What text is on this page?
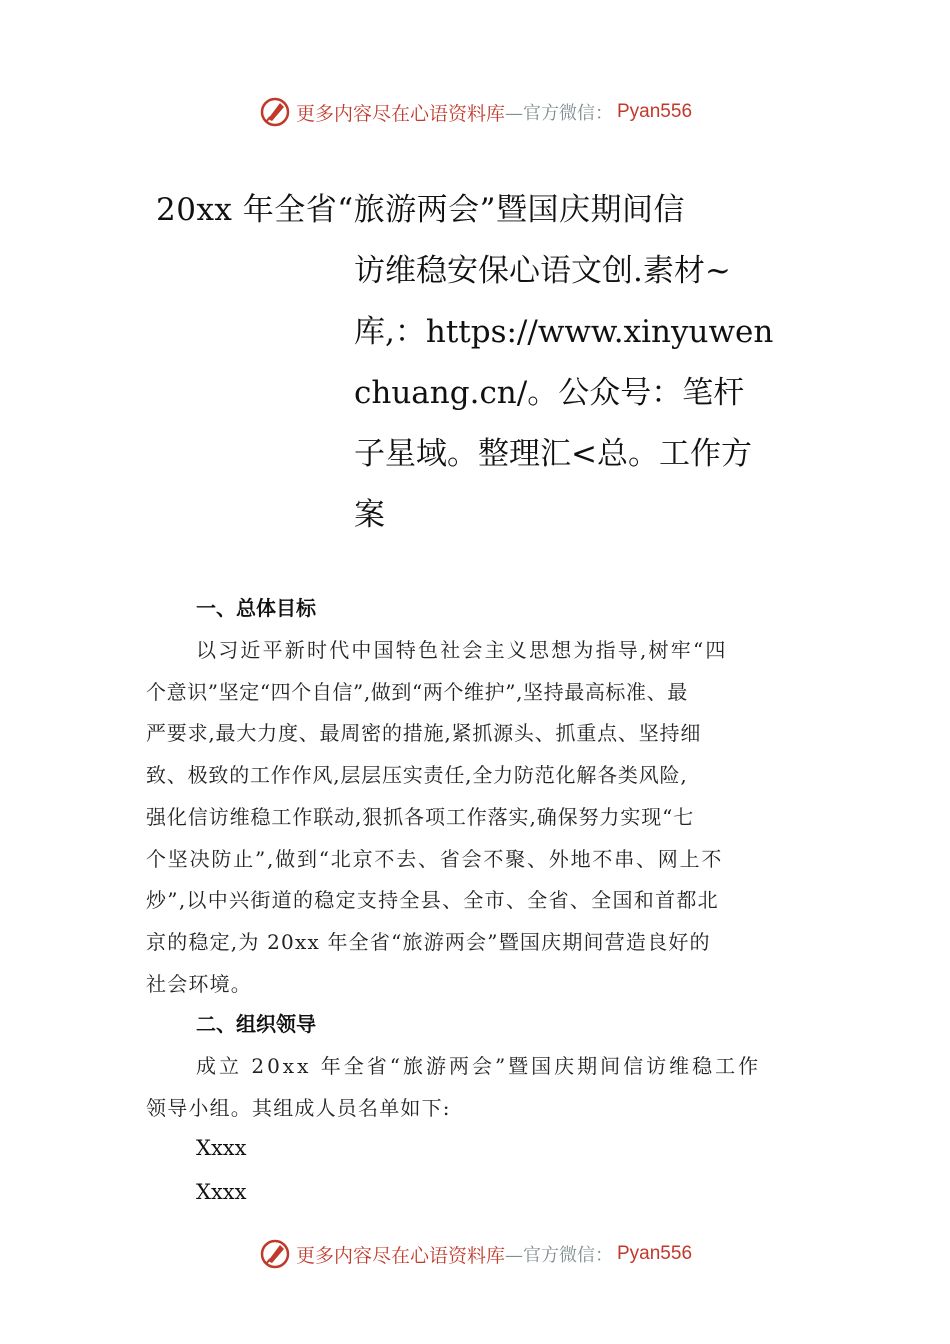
更多内容尽在心语资料库 —官方微信： Pyan556
20xx 年全省“旅游两会”暨国庆期间信
访维稳安保心语文创.素材~
库,：https://www.xinyuwen
chuang.cn/。公众号：笔杆
子星域。整理汇<总。工作方
案
一、总体目标
以习近平新时代中国特色社会主义思想为指导,树牢“四
个意识”坚定“四个自信”,做到“两个维护”,坚持最高标准、最
严要求,最大力度、最周密的措施,紧抓源头、抓重点、坚持细
致、极致的工作作风,层层压实责任,全力防范化解各类风险,
强化信访维稳工作联动,狠抓各项工作落实,确保努力实现“七
个坚决防止”,做到“北京不去、省会不聚、外地不串、网上不
炒”,以中兴街道的稳定支持全县、全市、全省、全国和首都北
京的稳定,为 20xx 年全省“旅游两会”暨国庆期间营造良好的
社会环境。
二、组织领导
成立 20xx 年全省“旅游两会”暨国庆期间信访维稳工作
领导小组。其组成人员名单如下:
Xxxx
Xxxx
更多内容尽在心语资料库 —官方微信： Pyan556
